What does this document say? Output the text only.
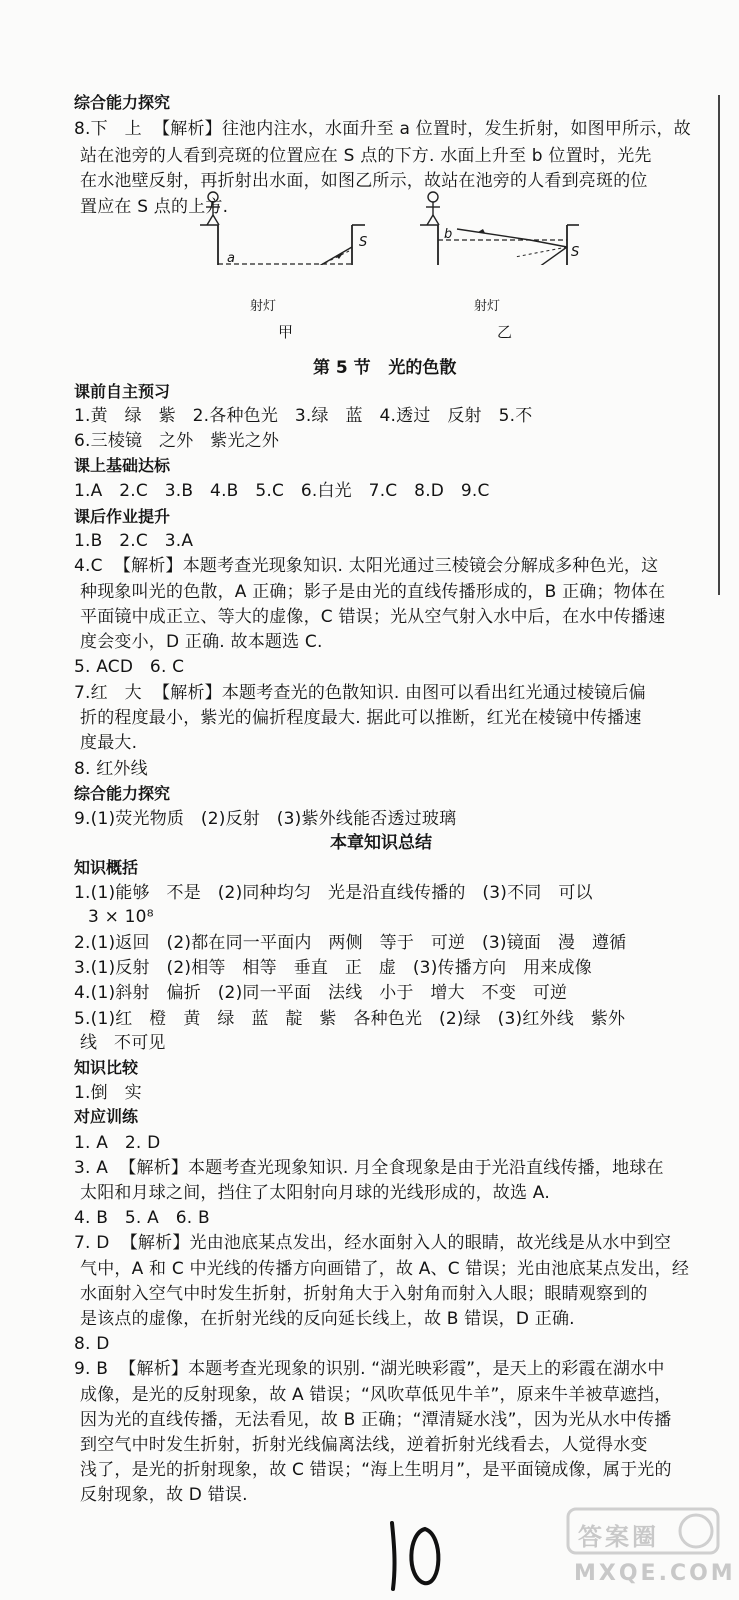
综合能力探究
8.下   上  【解析】往池内注水，水面升至 a 位置时，发生折射，如图甲所示，故
站在池旁的人看到亮斑的位置应在 S 点的下方. 水面上升至 b 位置时，光先
在水池壁反射，再折射出水面，如图乙所示，故站在池旁的人看到亮斑的位
置应在 S 点的上方.
第 5 节   光的色散
课前自主预习
1.黄   绿   紫   2.各种色光   3.绿   蓝   4.透过   反射   5.不
6.三棱镜   之外   紫光之外
课上基础达标
1.A   2.C   3.B   4.B   5.C   6.白光   7.C   8.D   9.C
课后作业提升
1.B   2.C   3.A
4.C  【解析】本题考查光现象知识. 太阳光通过三棱镜会分解成多种色光，这
种现象叫光的色散，A 正确；影子是由光的直线传播形成的，B 正确；物体在
平面镜中成正立、等大的虚像，C 错误；光从空气射入水中后，在水中传播速
度会变小，D 正确. 故本题选 C.
5. ACD   6. C
7.红   大  【解析】本题考查光的色散知识. 由图可以看出红光通过棱镜后偏
折的程度最小，紫光的偏折程度最大. 据此可以推断，红光在棱镜中传播速
度最大.
8. 红外线
综合能力探究
9.(1)荧光物质   (2)反射   (3)紫外线能否透过玻璃
本章知识总结
知识概括
1.(1)能够   不是   (2)同种均匀   光是沿直线传播的   (3)不同   可以
3 × 10⁸
2.(1)返回   (2)都在同一平面内   两侧   等于   可逆   (3)镜面   漫   遵循
3.(1)反射   (2)相等   相等   垂直   正   虚   (3)传播方向   用来成像
4.(1)斜射   偏折   (2)同一平面   法线   小于   增大   不变   可逆
5.(1)红   橙   黄   绿   蓝   靛   紫   各种色光   (2)绿   (3)红外线   紫外
线   不可见
知识比较
1.倒   实
对应训练
1. A   2. D
3. A  【解析】本题考查光现象知识. 月全食现象是由于光沿直线传播，地球在
太阳和月球之间，挡住了太阳射向月球的光线形成的，故选 A.
4. B   5. A   6. B
7. D  【解析】光由池底某点发出，经水面射入人的眼睛，故光线是从水中到空
气中，A 和 C 中光线的传播方向画错了，故 A、C 错误；光由池底某点发出，经
水面射入空气中时发生折射，折射角大于入射角而射入人眼；眼睛观察到的
是该点的虚像，在折射光线的反向延长线上，故 B 错误，D 正确.
8. D
9. B  【解析】本题考查光现象的识别. “湖光映彩霞”，是天上的彩霞在湖水中
成像，是光的反射现象，故 A 错误；“风吹草低见牛羊”，原来牛羊被草遮挡，
因为光的直线传播，无法看见，故 B 正确；“潭清疑水浅”，因为光从水中传播
到空气中时发生折射，折射光线偏离法线，逆着折射光线看去，人觉得水变
浅了，是光的折射现象，故 C 错误；“海上生明月”，是平面镜成像，属于光的
反射现象，故 D 错误.
a
S
射灯
甲
b
S
射灯
乙
10
答案圈
MXQE.COM
